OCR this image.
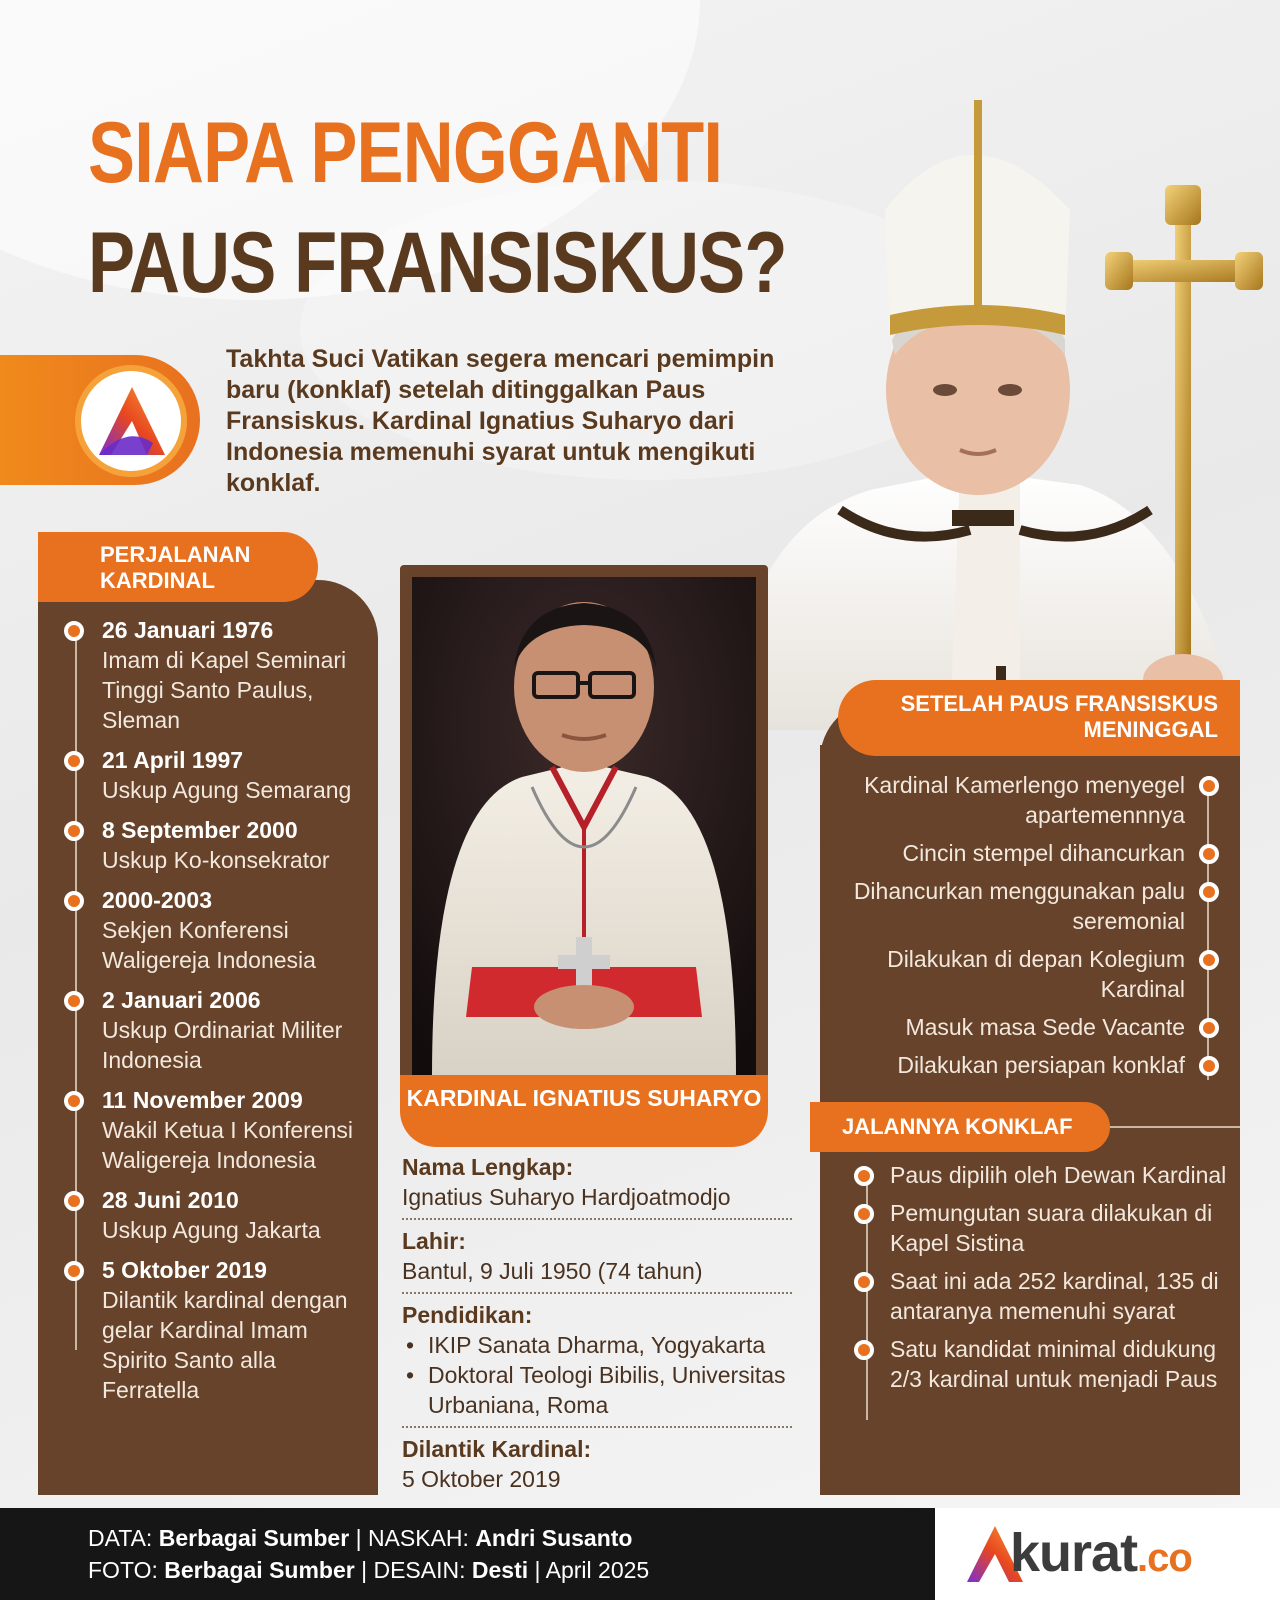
SIAPA PENGGANTI
PAUS FRANSISKUS?
Takhta Suci Vatikan segera mencari pemimpin baru (konklaf) setelah ditinggalkan Paus Fransiskus. Kardinal Ignatius Suharyo dari Indonesia memenuhi syarat untuk mengikuti konklaf.
PERJALANAN KARDINAL
26 Januari 1976
Imam di Kapel Seminari Tinggi Santo Paulus, Sleman
21 April 1997
Uskup Agung Semarang
8 September 2000
Uskup Ko-konsekrator
2000-2003
Sekjen Konferensi Waligereja Indonesia
2 Januari 2006
Uskup Ordinariat Militer Indonesia
11 November 2009
Wakil Ketua I Konferensi Waligereja Indonesia
28 Juni 2010
Uskup Agung Jakarta
5 Oktober 2019
Dilantik kardinal dengan gelar Kardinal Imam Spirito Santo alla Ferratella
KARDINAL IGNATIUS SUHARYO
Nama Lengkap:
Ignatius Suharyo Hardjoatmodjo
Lahir:
Bantul, 9 Juli 1950 (74 tahun)
Pendidikan:
• IKIP Sanata Dharma, Yogyakarta
• Doktoral Teologi Bibilis, Universitas Urbaniana, Roma
Dilantik Kardinal:
5 Oktober 2019
SETELAH PAUS FRANSISKUS MENINGGAL
Kardinal Kamerlengo menyegel apartemennnya
Cincin stempel dihancurkan
Dihancurkan menggunakan palu seremonial
Dilakukan di depan Kolegium Kardinal
Masuk masa Sede Vacante
Dilakukan persiapan konklaf
JALANNYA KONKLAF
Paus dipilih oleh Dewan Kardinal
Pemungutan suara dilakukan di Kapel Sistina
Saat ini ada 252 kardinal, 135 di antaranya memenuhi syarat
Satu kandidat minimal didukung 2/3 kardinal untuk menjadi Paus
DATA: Berbagai Sumber | NASKAH: Andri Susanto
FOTO: Berbagai Sumber | DESAIN: Desti | April 2025	kurat.co
